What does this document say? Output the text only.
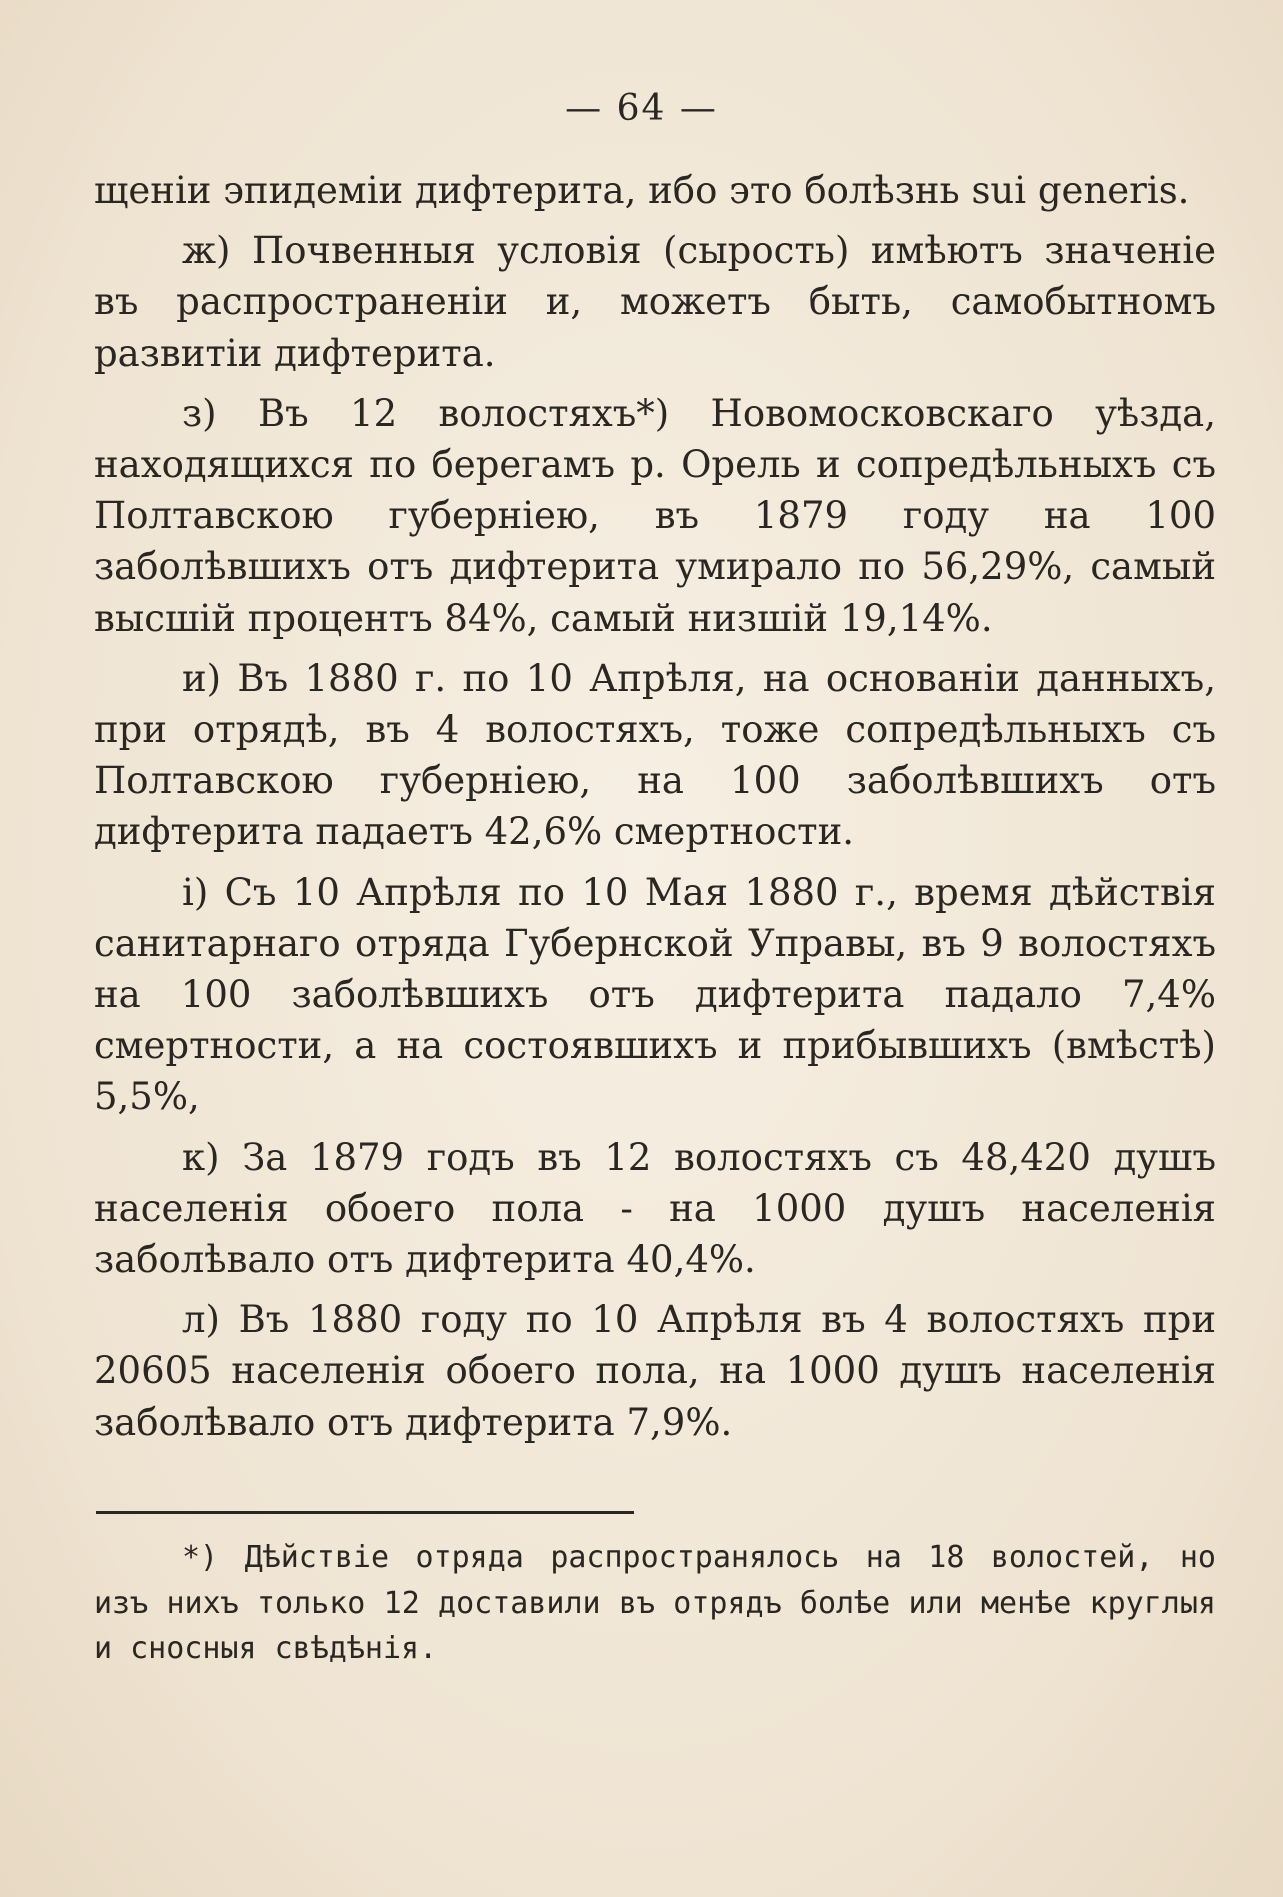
— 64 —

щенiи эпидемiи дифтерита, ибо это болѣзнь sui generis.

ж) Почвенныя условiя (сырость) имѣютъ значенiе въ распространенiи и, можетъ быть, самобытномъ развитiи дифтерита.

з) Въ 12 волостяхъ*) Новомосковскаго уѣзда, находящихся по берегамъ р. Орель и сопредѣльныхъ съ Полтавскою губернiею, въ 1879 году на 100 заболѣвшихъ отъ дифтерита умирало по 56,29%, самый высшiй процентъ 84%, самый низшiй 19,14%.

и) Въ 1880 г. по 10 Апрѣля, на основанiи данныхъ, при отрядѣ, въ 4 волостяхъ, тоже сопредѣльныхъ съ Полтавскою губернiею, на 100 заболѣвшихъ отъ дифтерита падаетъ 42,6% смертности.

i) Съ 10 Апрѣля по 10 Мая 1880 г., время дѣйствiя санитарнаго отряда Губернской Управы, въ 9 волостяхъ на 100 заболѣвшихъ отъ дифтерита падало 7,4% смертности, а на состоявшихъ и прибывшихъ (вмѣстѣ) 5,5%,

к) За 1879 годъ въ 12 волостяхъ съ 48,420 душъ населенiя обоего пола - на 1000 душъ населенiя заболѣвало отъ дифтерита 40,4%.

л) Въ 1880 году по 10 Апрѣля въ 4 волостяхъ при 20605 населенiя обоего пола, на 1000 душъ населенiя заболѣвало отъ дифтерита 7,9%.

*) Дѣйствiе отряда распространялось на 18 волостей, но изъ нихъ только 12 доставили въ отрядъ болѣе или менѣе круглыя и сносныя свѣдѣнiя.
